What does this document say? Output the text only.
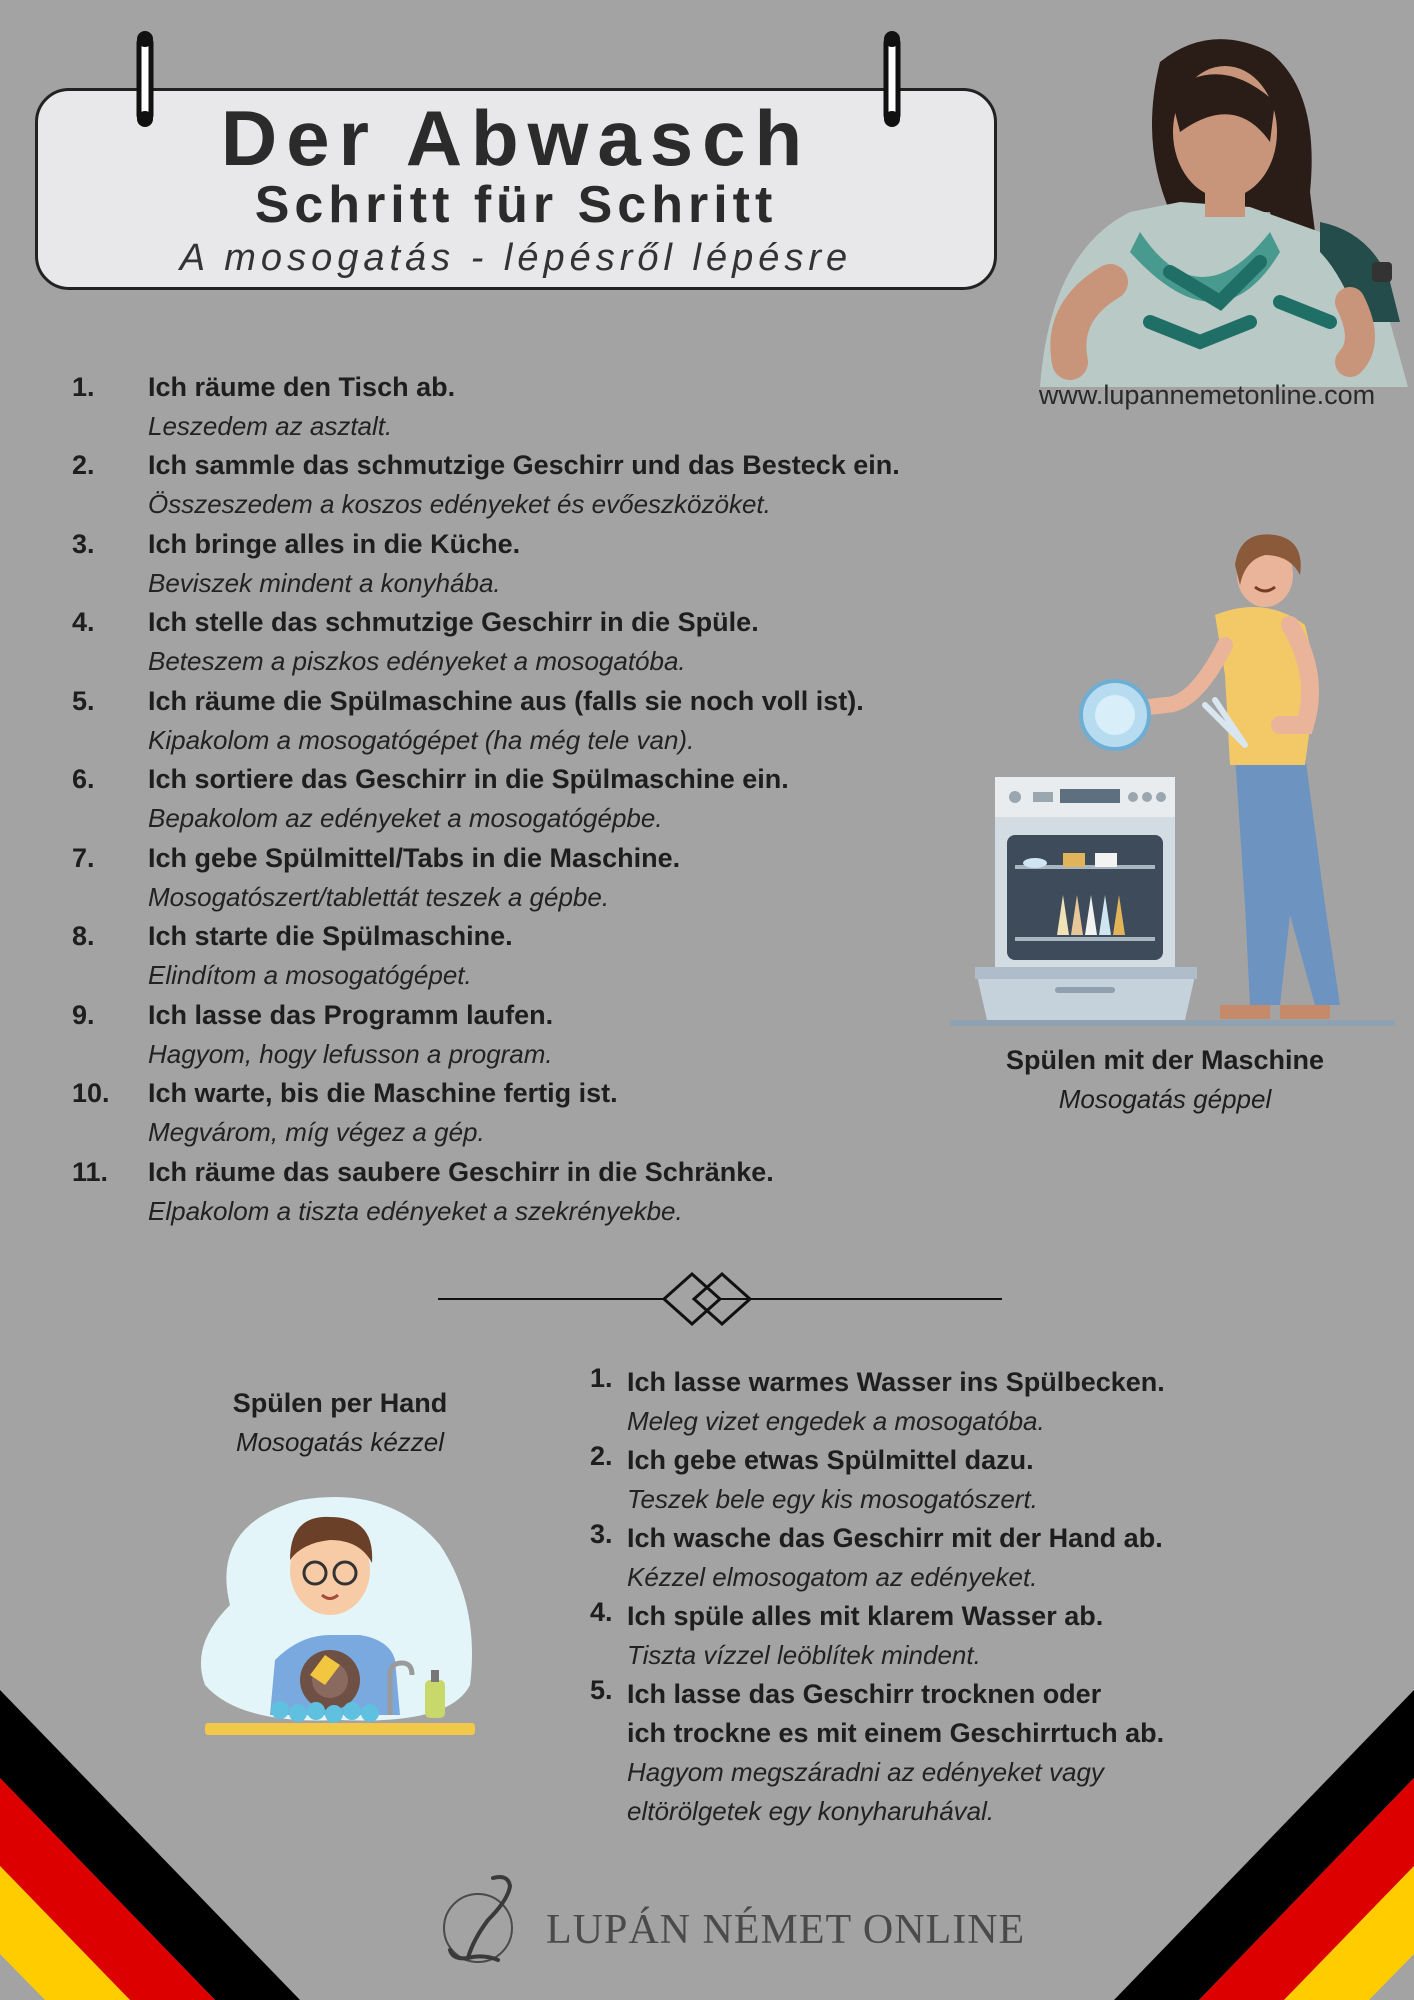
Der Abwasch
Schritt für Schritt
A mosogatás - lépésről lépésre
www.lupannemetonline.com
1. Ich räume den Tisch ab.
Leszedem az asztalt.
2. Ich sammle das schmutzige Geschirr und das Besteck ein.
Összeszedem a koszos edényeket és evőeszközöket.
3. Ich bringe alles in die Küche.
Beviszek mindent a konyhába.
4. Ich stelle das schmutzige Geschirr in die Spüle.
Beteszem a piszkos edényeket a mosogatóba.
5. Ich räume die Spülmaschine aus (falls sie noch voll ist).
Kipakolom a mosogatógépet (ha még tele van).
6. Ich sortiere das Geschirr in die Spülmaschine ein.
Bepakolom az edényeket a mosogatógépbe.
7. Ich gebe Spülmittel/Tabs in die Maschine.
Mosogatószert/tablettát teszek a gépbe.
8. Ich starte die Spülmaschine.
Elindítom a mosogatógépet.
9. Ich lasse das Programm laufen.
Hagyom, hogy lefusson a program.
10. Ich warte, bis die Maschine fertig ist.
Megvárom, míg végez a gép.
11. Ich räume das saubere Geschirr in die Schränke.
Elpakolom a tiszta edényeket a szekrényekbe.
Spülen mit der Maschine
Mosogatás géppel
Spülen per Hand
Mosogatás kézzel
1. Ich lasse warmes Wasser ins Spülbecken.
Meleg vizet engedek a mosogatóba.
2. Ich gebe etwas Spülmittel dazu.
Teszek bele egy kis mosogatószert.
3. Ich wasche das Geschirr mit der Hand ab.
Kézzel elmosogatom az edényeket.
4. Ich spüle alles mit klarem Wasser ab.
Tiszta vízzel leöblítek mindent.
5. Ich lasse das Geschirr trocknen oder
ich trockne es mit einem Geschirrtuch ab.
Hagyom megszáradni az edényeket vagy
eltörölgetek egy konyharuhával.
LUPÁN NÉMET ONLINE
